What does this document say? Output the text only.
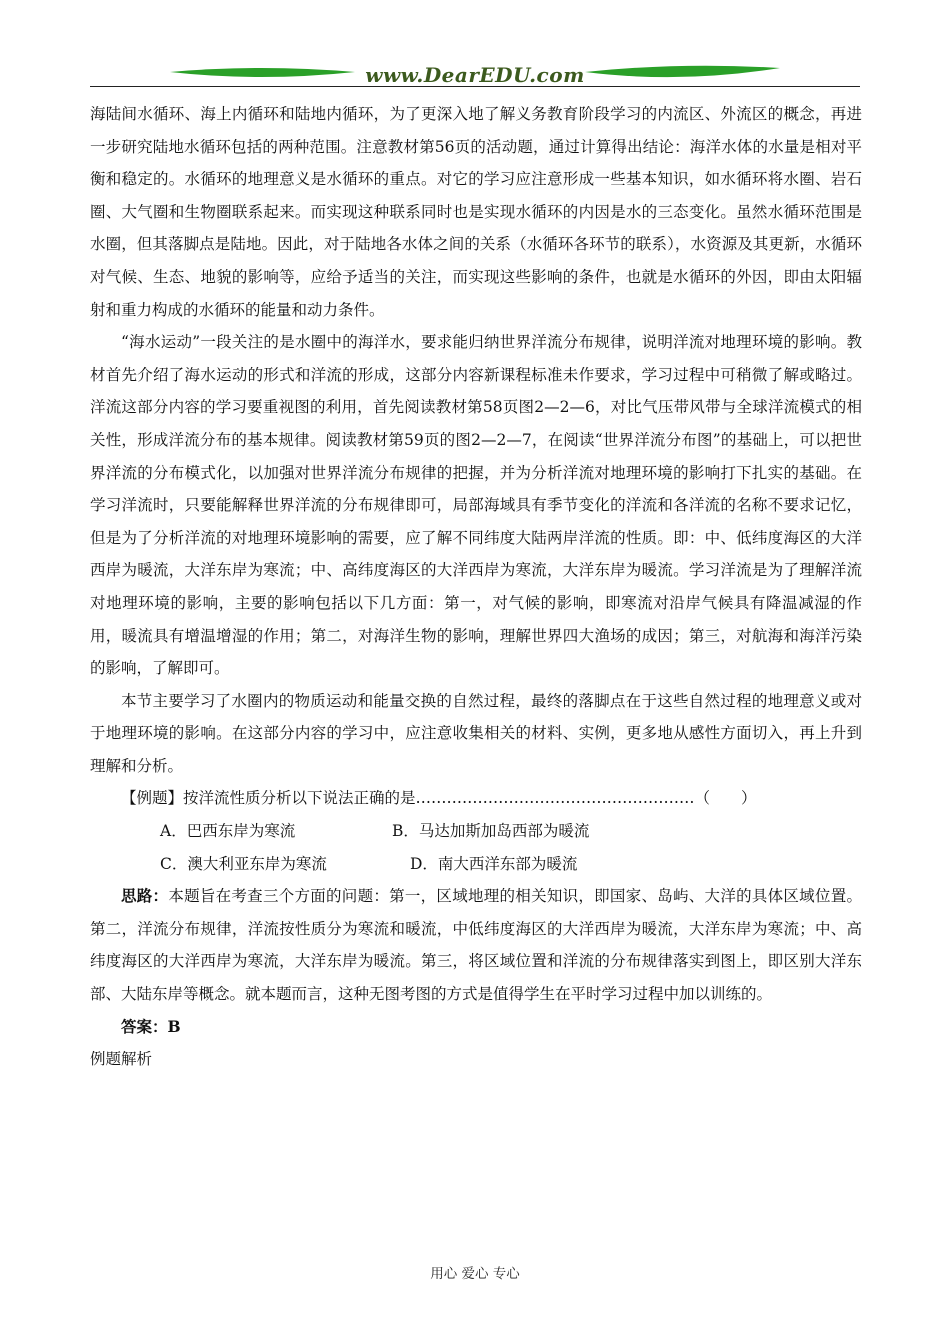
www.DearEDU.com

海陆间水循环、海上内循环和陆地内循环，为了更深入地了解义务教育阶段学习的内流区、外流区的概念，再进一步研究陆地水循环包括的两种范围。注意教材第56页的活动题，通过计算得出结论：海洋水体的水量是相对平衡和稳定的。水循环的地理意义是水循环的重点。对它的学习应注意形成一些基本知识，如水循环将水圈、岩石圈、大气圈和生物圈联系起来。而实现这种联系同时也是实现水循环的内因是水的三态变化。虽然水循环范围是水圈，但其落脚点是陆地。因此，对于陆地各水体之间的关系（水循环各环节的联系），水资源及其更新，水循环对气候、生态、地貌的影响等，应给予适当的关注，而实现这些影响的条件，也就是水循环的外因，即由太阳辐射和重力构成的水循环的能量和动力条件。

“海水运动”一段关注的是水圈中的海洋水，要求能归纳世界洋流分布规律，说明洋流对地理环境的影响。教材首先介绍了海水运动的形式和洋流的形成，这部分内容新课程标准未作要求，学习过程中可稍微了解或略过。洋流这部分内容的学习要重视图的利用，首先阅读教材第58页图2—2—6，对比气压带风带与全球洋流模式的相关性，形成洋流分布的基本规律。阅读教材第59页的图2—2—7，在阅读“世界洋流分布图”的基础上，可以把世界洋流的分布模式化，以加强对世界洋流分布规律的把握，并为分析洋流对地理环境的影响打下扎实的基础。在学习洋流时，只要能解释世界洋流的分布规律即可，局部海域具有季节变化的洋流和各洋流的名称不要求记忆，但是为了分析洋流的对地理环境影响的需要，应了解不同纬度大陆两岸洋流的性质。即：中、低纬度海区的大洋西岸为暖流，大洋东岸为寒流；中、高纬度海区的大洋西岸为寒流，大洋东岸为暖流。学习洋流是为了理解洋流对地理环境的影响，主要的影响包括以下几方面：第一，对气候的影响，即寒流对沿岸气候具有降温减湿的作用，暖流具有增温增湿的作用；第二，对海洋生物的影响，理解世界四大渔场的成因；第三，对航海和海洋污染的影响，了解即可。

本节主要学习了水圈内的物质运动和能量交换的自然过程，最终的落脚点在于这些自然过程的地理意义或对于地理环境的影响。在这部分内容的学习中，应注意收集相关的材料、实例，更多地从感性方面切入，再上升到理解和分析。

【例题】按洋流性质分析以下说法正确的是………………………………………………（　　）

A．巴西东岸为寒流	B．马达加斯加岛西部为暖流

C．澳大利亚东岸为寒流	D．南大西洋东部为暖流

思路：本题旨在考查三个方面的问题：第一，区域地理的相关知识，即国家、岛屿、大洋的具体区域位置。第二，洋流分布规律，洋流按性质分为寒流和暖流，中低纬度海区的大洋西岸为暖流，大洋东岸为寒流；中、高纬度海区的大洋西岸为寒流，大洋东岸为暖流。第三，将区域位置和洋流的分布规律落实到图上，即区别大洋东部、大陆东岸等概念。就本题而言，这种无图考图的方式是值得学生在平时学习过程中加以训练的。

答案：B

例题解析

用心 爱心 专心
